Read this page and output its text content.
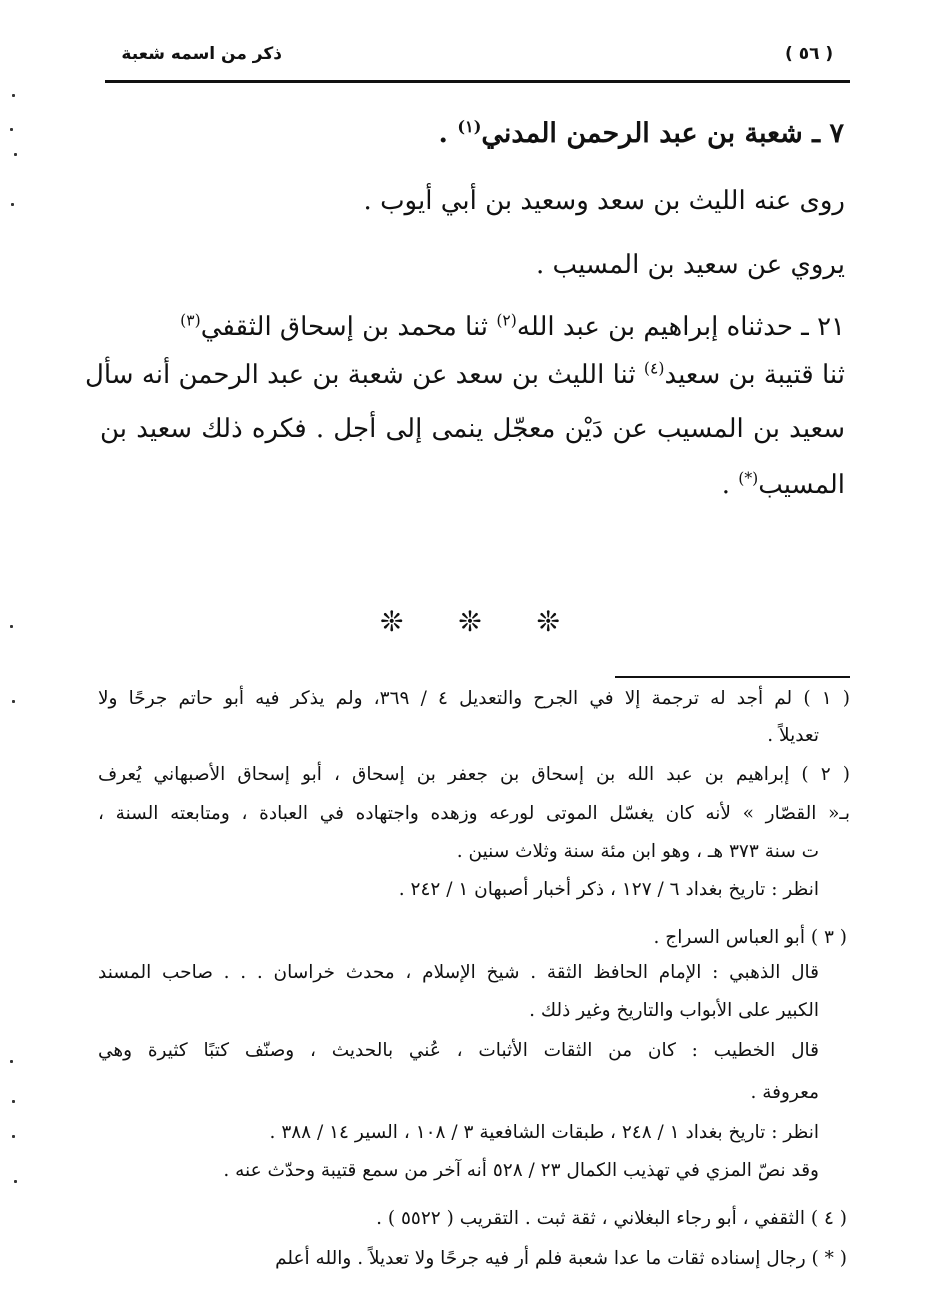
ذكر من اسمه شعبة	( ٥٦ )
٧ ـ شعبة بن عبد الرحمن المدني$^{(١)}$ .
روى عنه الليث بن سعد وسعيد بن أبي أيوب .
يروي عن سعيد بن المسيب .
٢١ ـ حدثناه إبراهيم بن عبد الله$^{(٢)}$ ثنا محمد بن إسحاق الثقفي$^{(٣)}$
ثنا قتيبة بن سعيد$^{(٤)}$ ثنا الليث بن سعد عن شعبة بن عبد الرحمن أنه سأل
سعيد بن المسيب عن دَيْن معجّل ينمى إلى أجل . فكره ذلك سعيد بن
المسيب(*) .
❊ ❊ ❊
( ١ ) لم أجد له ترجمة إلا في الجرح والتعديل ٤ / ٣٦٩، ولم يذكر فيه أبو حاتم جرحًا ولا
تعديلاً .
( ٢ ) إبراهيم بن عبد الله بن إسحاق بن جعفر بن إسحاق ، أبو إسحاق الأصبهاني يُعرف
بـ« القصّار » لأنه كان يغسّل الموتى لورعه وزهده واجتهاده في العبادة ، ومتابعته السنة ،
ت سنة ٣٧٣ هـ ، وهو ابن مئة سنة وثلاث سنين .
انظر : تاريخ بغداد ٦ / ١٢٧ ، ذكر أخبار أصبهان ١ / ٢٤٢ .
( ٣ ) أبو العباس السراج .
قال الذهبي : الإمام الحافظ الثقة . شيخ الإسلام ، محدث خراسان . . . صاحب المسند
الكبير على الأبواب والتاريخ وغير ذلك .
قال الخطيب : كان من الثقات الأثبات ، عُني بالحديث ، وصنّف كتبًا كثيرة وهي
معروفة .
انظر : تاريخ بغداد ١ / ٢٤٨ ، طبقات الشافعية ٣ / ١٠٨ ، السير ١٤ / ٣٨٨ .
وقد نصّ المزي في تهذيب الكمال ٢٣ / ٥٢٨ أنه آخر من سمع قتيبة وحدّث عنه .
( ٤ ) الثقفي ، أبو رجاء البغلاني ، ثقة ثبت . التقريب ( ٥٥٢٢ ) .
( * ) رجال إسناده ثقات ما عدا شعبة فلم أر فيه جرحًا ولا تعديلاً . والله أعلم
